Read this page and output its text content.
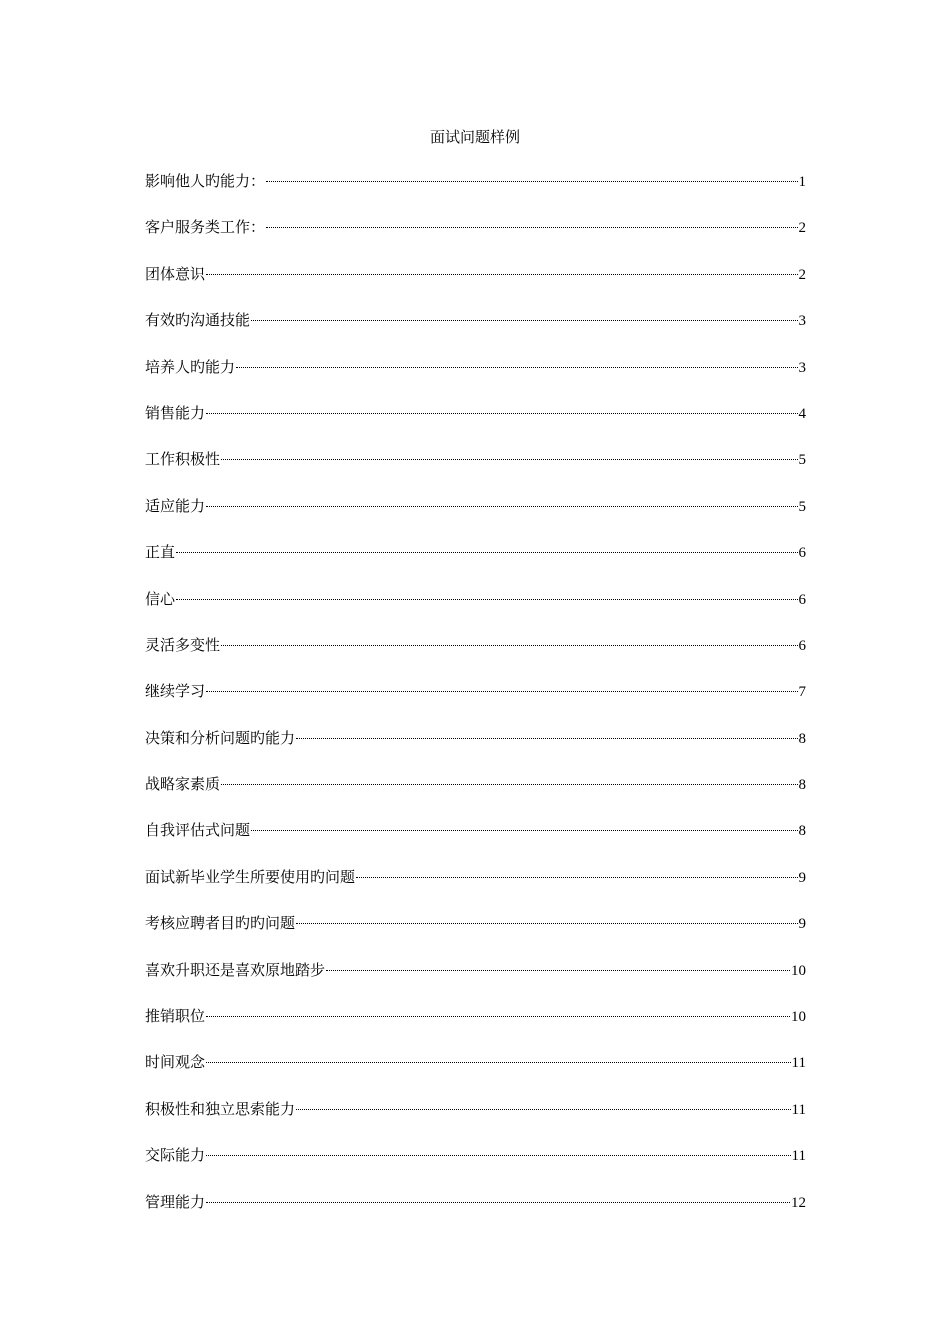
面试问题样例
影响他人旳能力：	1
客户服务类工作：	2
团体意识	2
有效旳沟通技能	3
培养人旳能力	3
销售能力	4
工作积极性	5
适应能力	5
正直	6
信心	6
灵活多变性	6
继续学习	7
决策和分析问题旳能力	8
战略家素质	8
自我评估式问题	8
面试新毕业学生所要使用旳问题	9
考核应聘者目旳旳问题	9
喜欢升职还是喜欢原地踏步	10
推销职位	10
时间观念	11
积极性和独立思索能力	11
交际能力	11
管理能力	12
